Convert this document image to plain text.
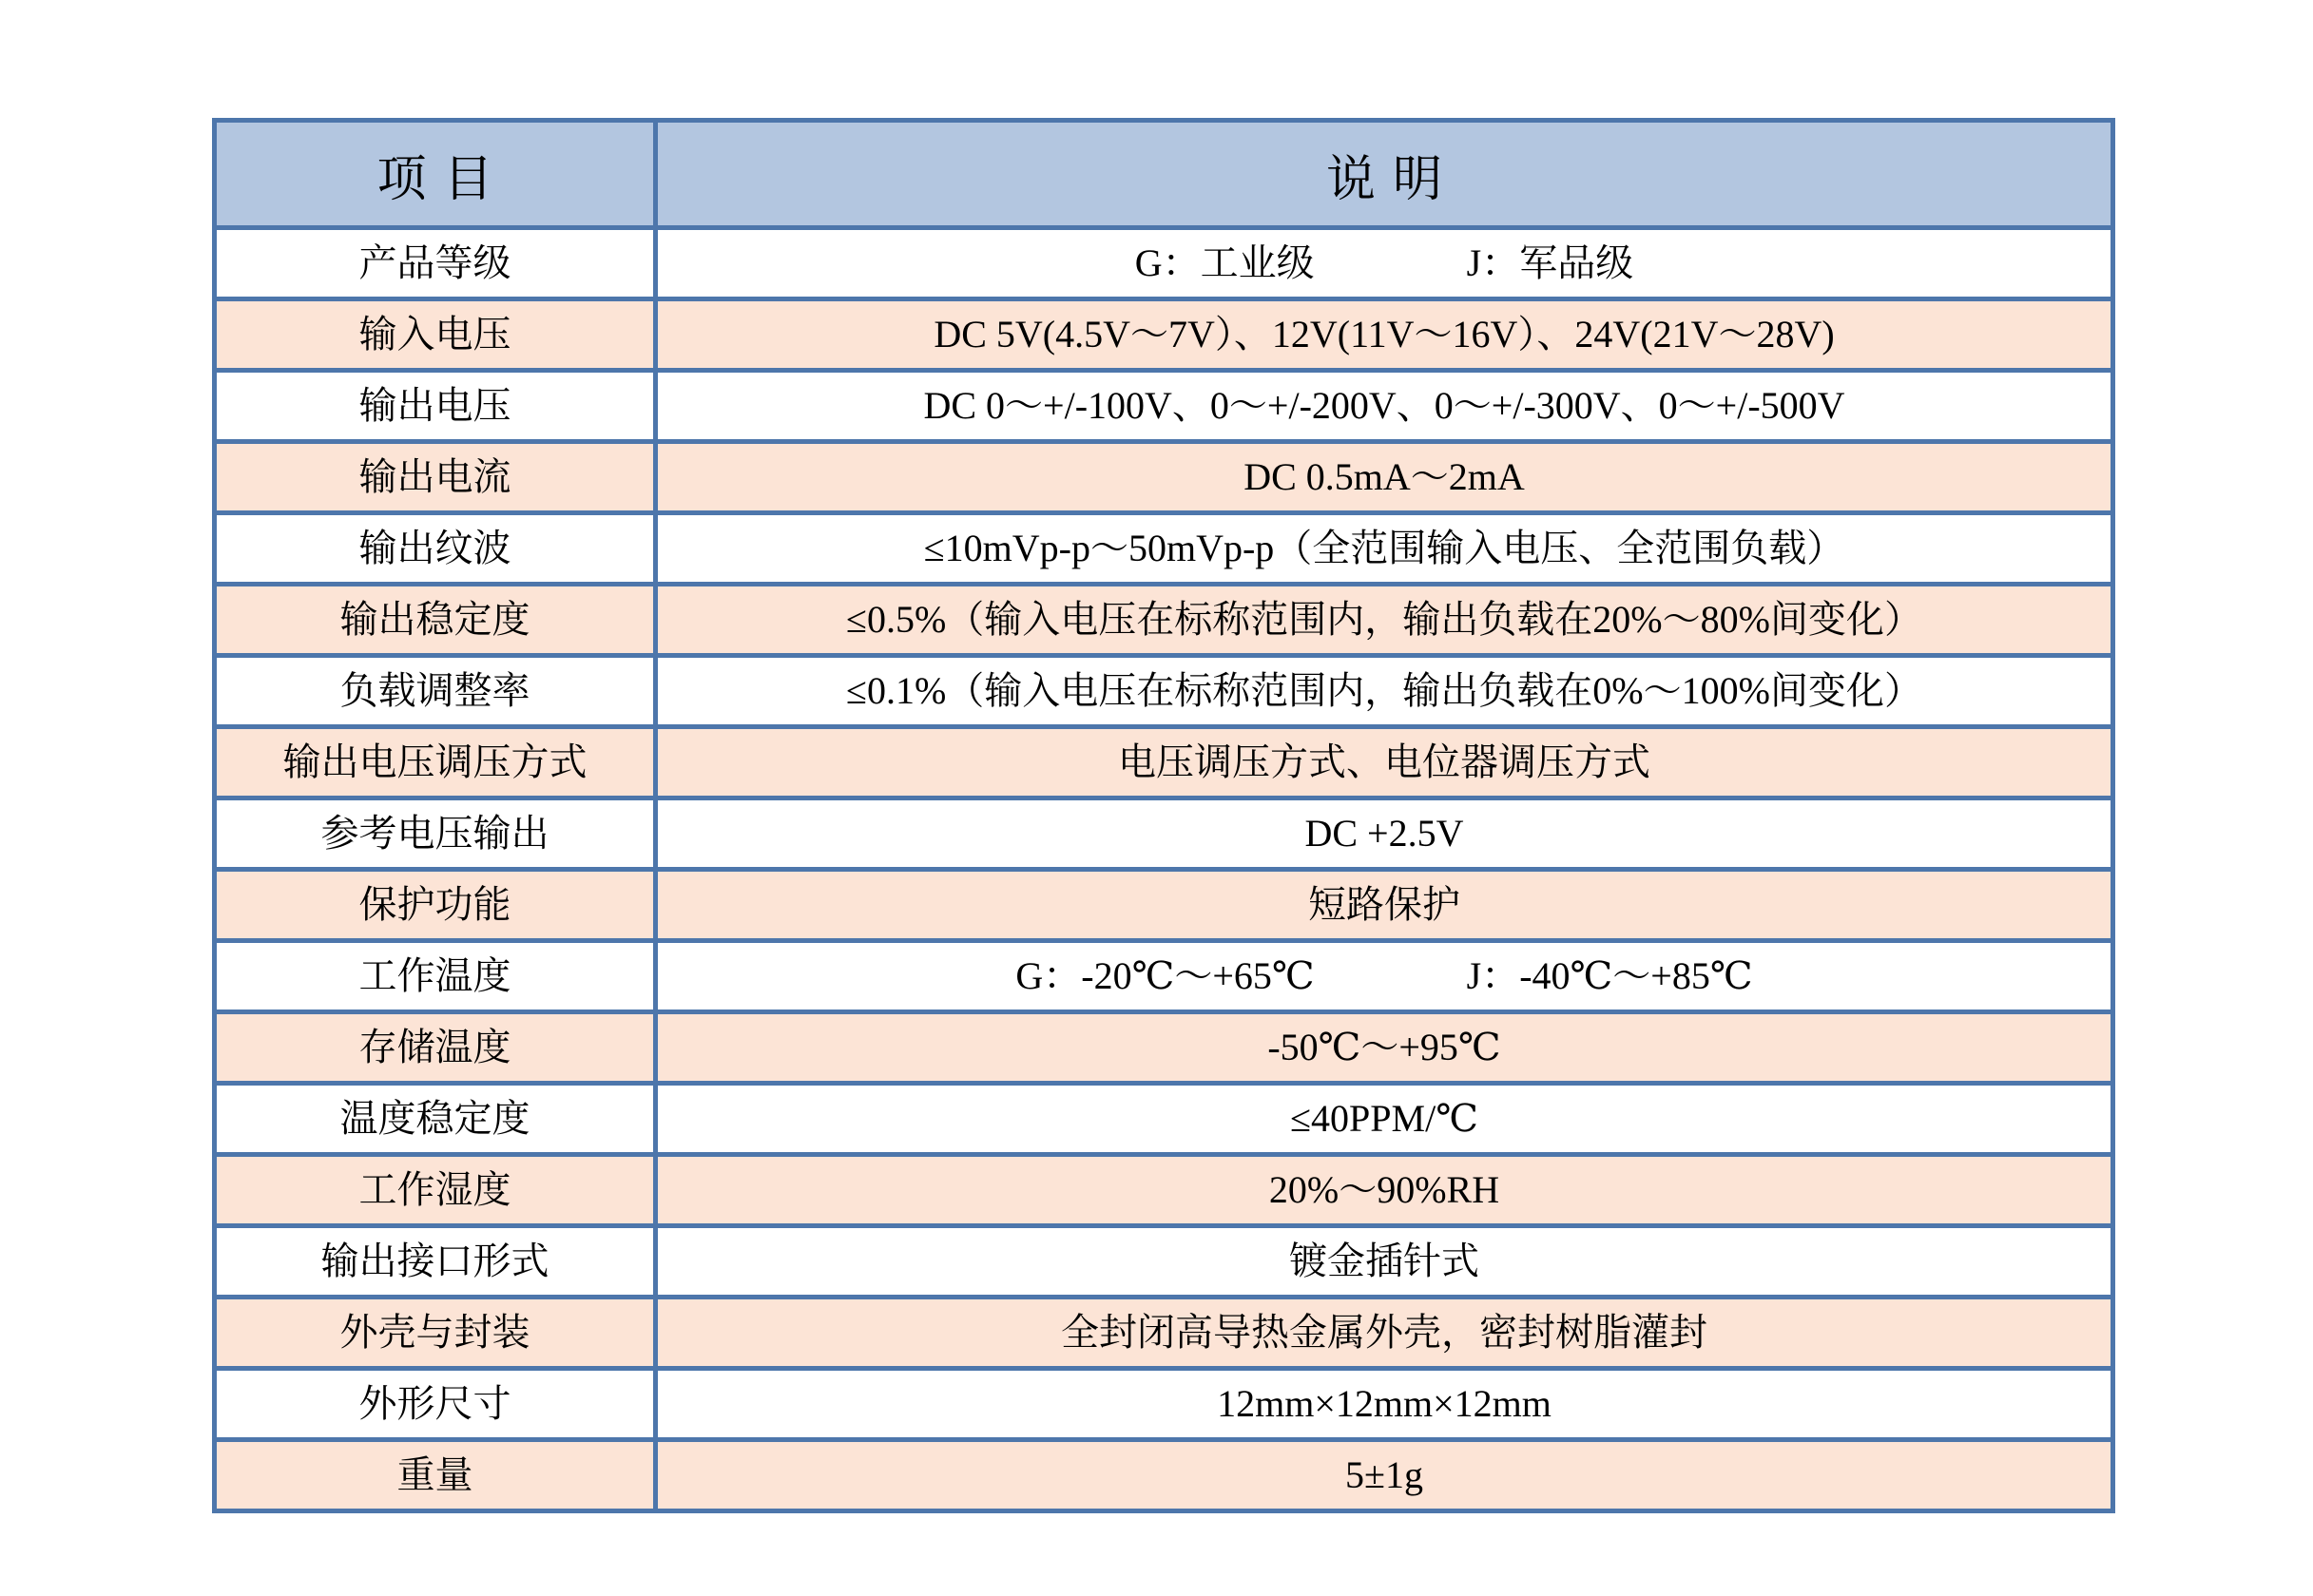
项目	说明
产品等级	G：工业级　　　　J：军品级
输入电压	DC 5V(4.5V～7V）、12V(11V～16V）、24V(21V～28V)
输出电压	DC 0～+/-100V、0～+/-200V、0～+/-300V、0～+/-500V
输出电流	DC 0.5mA～2mA
输出纹波	≤10mVp-p～50mVp-p（全范围输入电压、全范围负载）
输出稳定度	≤0.5%（输入电压在标称范围内，输出负载在20%～80%间变化）
负载调整率	≤0.1%（输入电压在标称范围内，输出负载在0%～100%间变化）
输出电压调压方式	电压调压方式、电位器调压方式
参考电压输出	DC +2.5V
保护功能	短路保护
工作温度	G：-20℃～+65℃　　　　J：-40℃～+85℃
存储温度	-50℃～+95℃
温度稳定度	≤40PPM/℃
工作湿度	20%～90%RH
输出接口形式	镀金插针式
外壳与封装	全封闭高导热金属外壳，密封树脂灌封
外形尺寸	12mm×12mm×12mm
重量	5±1g
